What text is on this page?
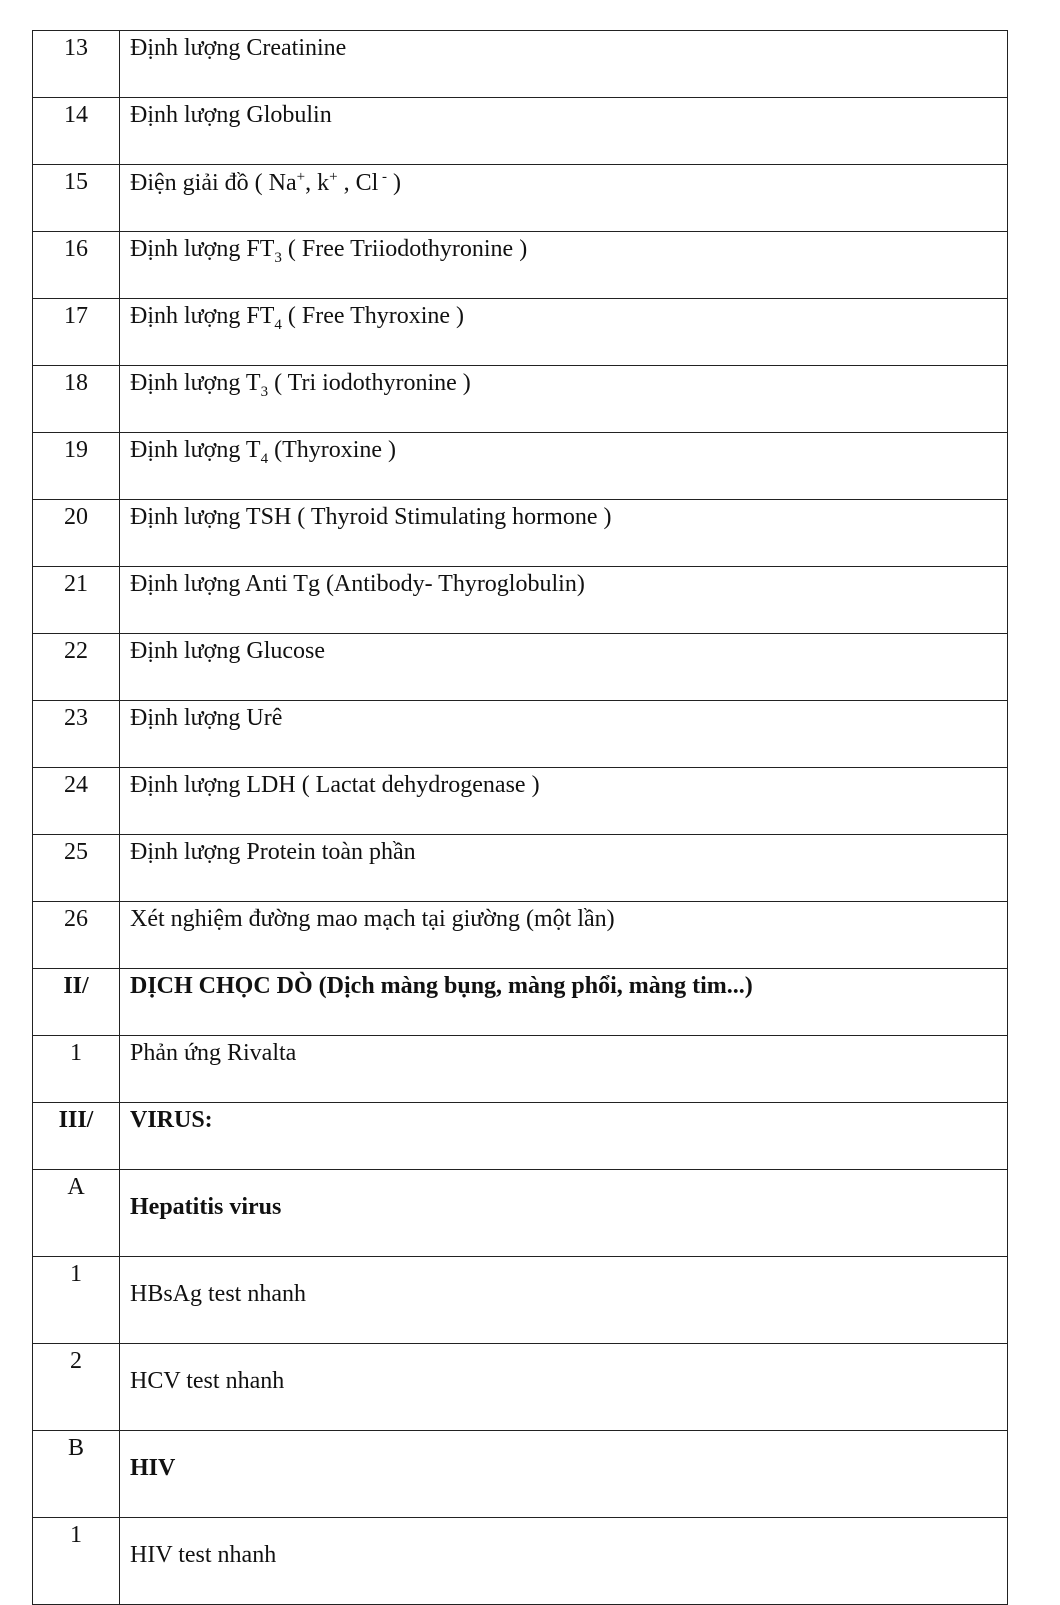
13	Định lượng Creatinine
14	Định lượng Globulin
15	Điện giải đồ ( Na+, k+ , Cl - )
16	Định lượng $FT_3$ ( Free Triiodothyronine )
17	Định lượng $FT_4$ ( Free Thyroxine )
18	Định lượng $T_3$ ( Tri iodothyronine )
19	Định lượng $T_4$ (Thyroxine )
20	Định lượng TSH ( Thyroid Stimulating hormone )
21	Định lượng Anti Tg (Antibody- Thyroglobulin)
22	Định lượng Glucose
23	Định lượng Urê
24	Định lượng LDH ( Lactat dehydrogenase )
25	Định lượng Protein toàn phần
26	Xét nghiệm đường mao mạch tại giường (một lần)
II/	DỊCH CHỌC DÒ (Dịch màng bụng, màng phổi, màng tim...)
1	Phản ứng Rivalta
III/	VIRUS:
A	Hepatitis virus
1	HBsAg test nhanh
2	HCV test nhanh
B	HIV
1	HIV test nhanh
